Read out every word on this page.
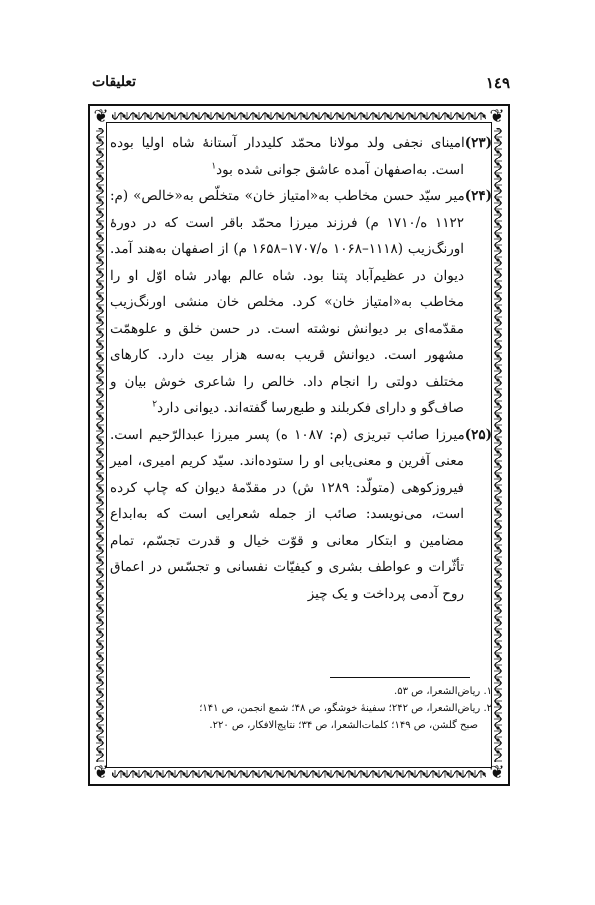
١٤٩
تعلیقات
❦	❦
❦	❦

(۲۳)امینای نجفی ولد مولانا محمّد کلیددار آستانهٔ شاه اولیا بوده است. به‌اصفهان آمده عاشق جوانی شده بود$^١$

(۲۴)میر سیّد حسن مخاطب به«امتیاز خان» متخلّص به«خالص» (م: ۱۱۲۲ ه/۱۷۱۰ م) فرزند میرزا محمّد باقر است که در دورهٔ اورنگ‌زیب (۱۱۱۸–۱۰۶۸ ه/۱۷۰۷–۱۶۵۸ م) از اصفهان به‌هند آمد. دیوان در عظیم‌آباد پتنا بود. شاه عالم بهادر شاه اوّل او را مخاطب به«امتیاز خان» کرد. مخلص خان منشی اورنگ‌زیب مقدّمه‌ای بر دیوانش نوشته است. در حسن خلق و علوهمّت مشهور است. دیوانش قریب به‌سه هزار بیت دارد. کارهای مختلف دولتی را انجام داد. خالص را شاعری خوش بیان و صاف‌گو و دارای فکربلند و طبع‌رسا گفته‌اند. دیوانی دارد$^٢$

(۲۵)میرزا صائب تبریزی (م: ۱۰۸۷ ه) پسر میرزا عبدالرّحیم است. معنی آفرین و معنی‌یابی او را ستوده‌اند. سیّد کریم امیری، امیر فیروزکوهی (متولّد: ۱۲۸۹ ش) در مقدّمهٔ دیوان که چاپ کرده است، می‌نویسد: صائب از جمله شعرایی است که به‌ابداع مضامین و ابتکار معانی و قوّت خیال و قدرت تجسّم، تمام تأثّرات و عواطف بشری و کیفیّات نفسانی و تجسّس در اعماق روح آدمی پرداخت و یک چیز

١. ریاض‌الشعرا، ص ۵۳.

٢. ریاض‌الشعرا، ص ۲۴۲؛ سفینهٔ خوشگو، ص ۴۸؛ شمع انجمن، ص ۱۴۱؛

صبح گلشن، ص ۱۴۹؛ کلمات‌الشعرا، ص ۳۴؛ نتایج‌الافکار، ص ۲۲۰.
